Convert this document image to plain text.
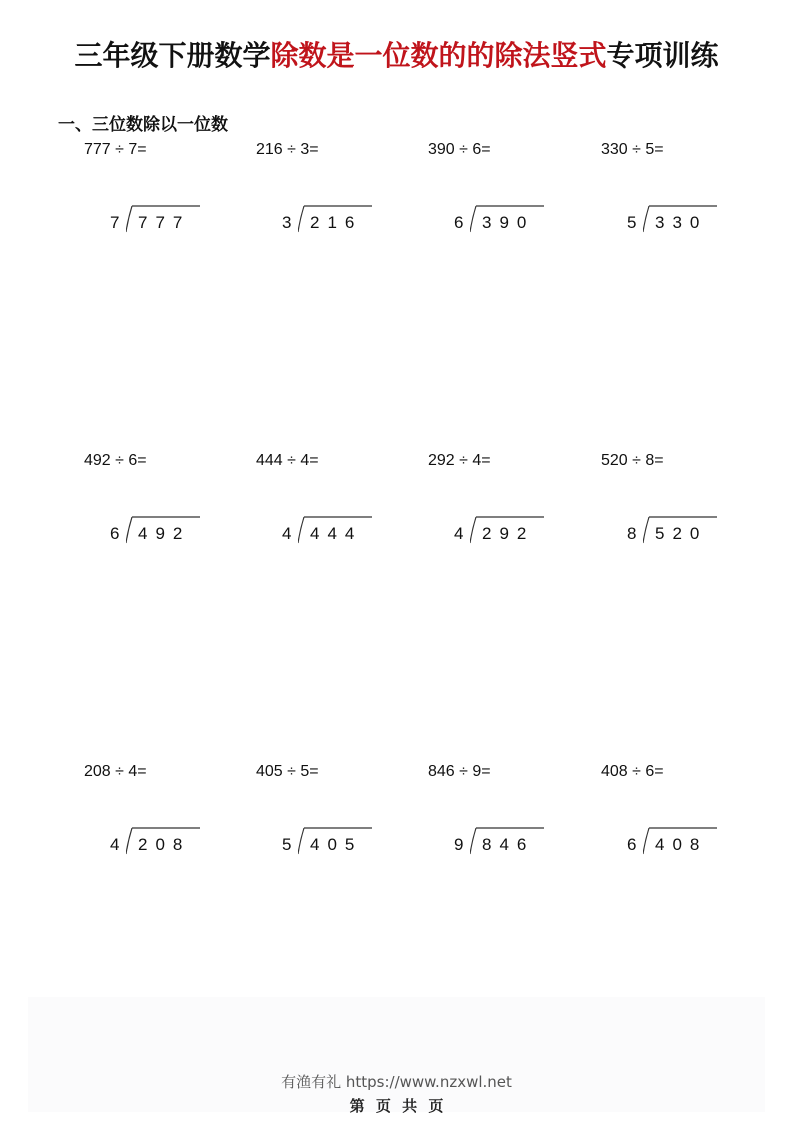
三年级下册数学除数是一位数的的除法竖式专项训练
一、三位数除以一位数
777 ÷ 7=
7 777
216 ÷ 3=
3 216
390 ÷ 6=
6 390
330 ÷ 5=
5 330
492 ÷ 6=
6 492
444 ÷ 4=
4 444
292 ÷ 4=
4 292
520 ÷ 8=
8 520
208 ÷ 4=
4 208
405 ÷ 5=
5 405
846 ÷ 9=
9 846
408 ÷ 6=
6 408
有渔有礼 https://www.nzxwl.net
第 页 共 页
